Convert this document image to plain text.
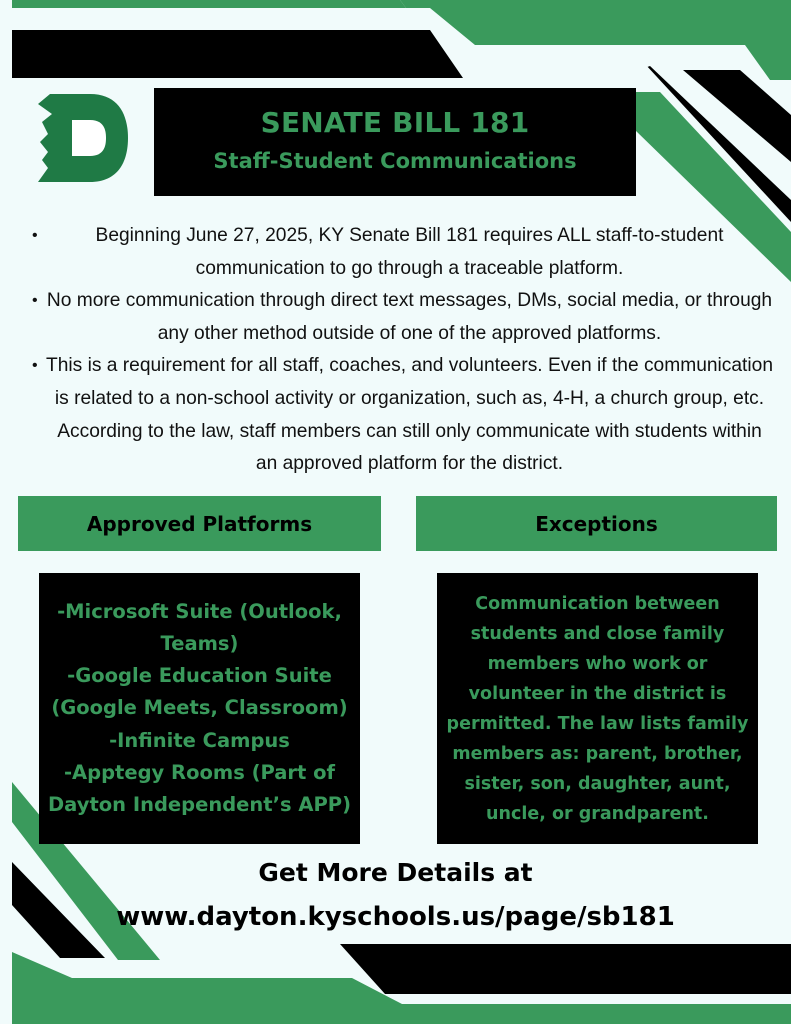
SENATE BILL 181
Staff-Student Communications
•	Beginning June 27, 2025, KY Senate Bill 181 requires ALL staff-to-student communication to go through a traceable platform.
• No more communication through direct text messages, DMs, social media, or through any other method outside of one of the approved platforms.
• This is a requirement for all staff, coaches, and volunteers. Even if the communication is related to a non-school activity or organization, such as, 4-H, a church group, etc. According to the law, staff members can still only communicate with students within an approved platform for the district.
Approved Platforms	Exceptions
-Microsoft Suite (Outlook,
Teams)
-Google Education Suite
(Google Meets, Classroom)
-Infinite Campus
-Apptegy Rooms (Part of
Dayton Independent’s APP)
Communication between
students and close family
members who work or
volunteer in the district is
permitted. The law lists family
members as: parent, brother,
sister, son, daughter, aunt,
uncle, or grandparent.
Get More Details at
www.dayton.kyschools.us/page/sb181
